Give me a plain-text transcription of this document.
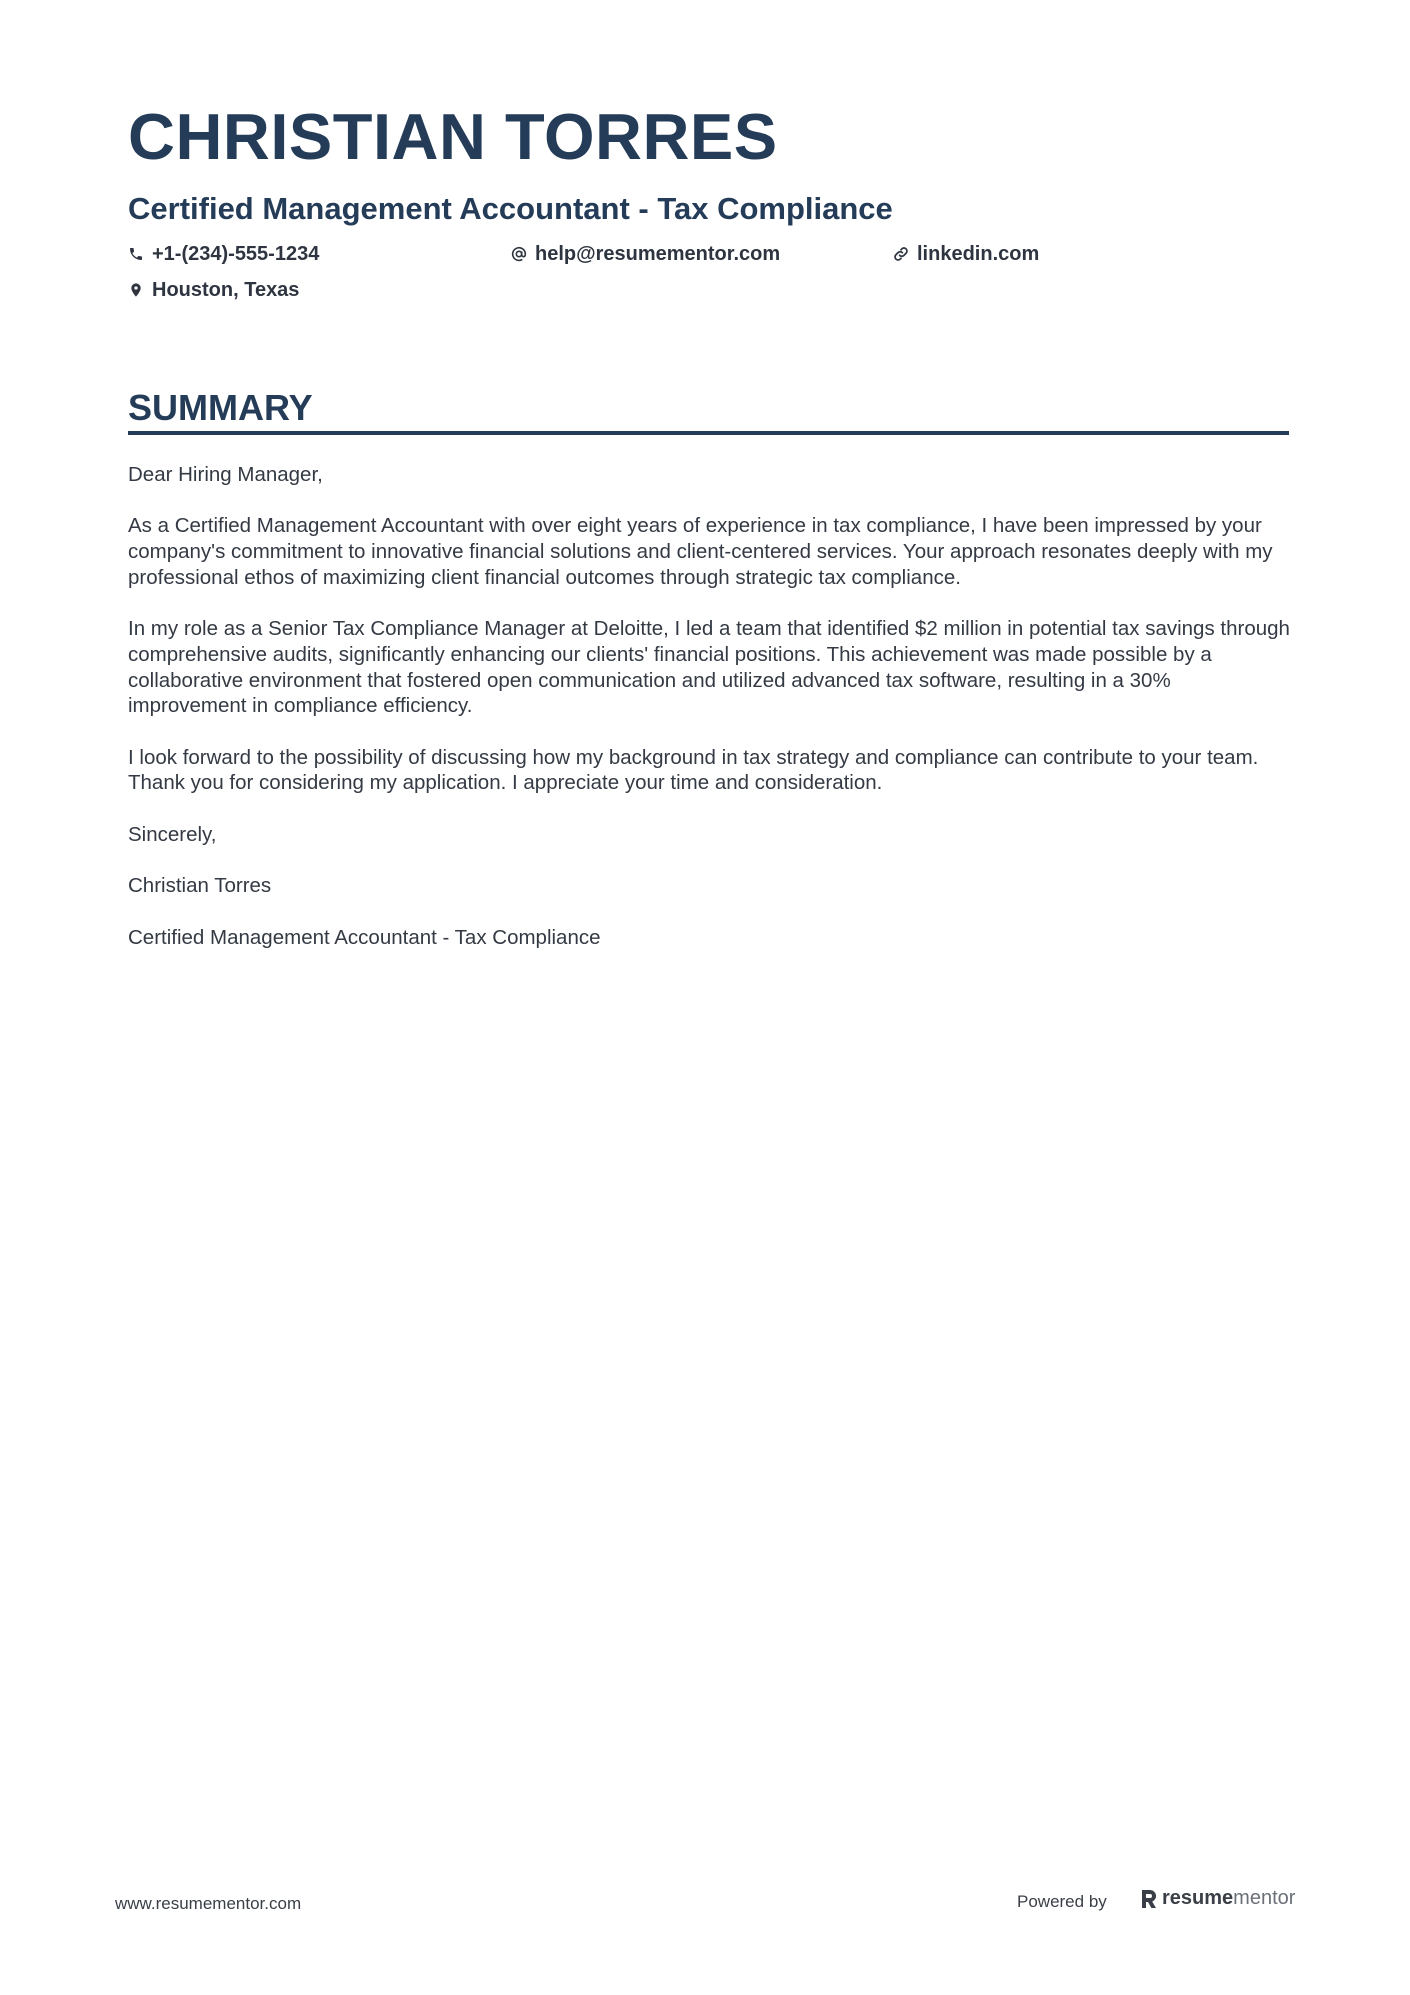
CHRISTIAN TORRES
Certified Management Accountant - Tax Compliance
+1-(234)-555-1234	help@resumementor.com	linkedin.com
Houston, Texas
SUMMARY

Dear Hiring Manager,

As a Certified Management Accountant with over eight years of experience in tax compliance, I have been impressed by your company's commitment to innovative financial solutions and client-centered services. Your approach resonates deeply with my professional ethos of maximizing client financial outcomes through strategic tax compliance.

In my role as a Senior Tax Compliance Manager at Deloitte, I led a team that identified $2 million in potential tax savings through comprehensive audits, significantly enhancing our clients' financial positions. This achievement was made possible by a collaborative environment that fostered open communication and utilized advanced tax software, resulting in a 30% improvement in compliance efficiency.

I look forward to the possibility of discussing how my background in tax strategy and compliance can contribute to your team. Thank you for considering my application. I appreciate your time and consideration.

Sincerely,

Christian Torres

Certified Management Accountant - Tax Compliance

www.resumementor.com	Powered by	resume mentor
